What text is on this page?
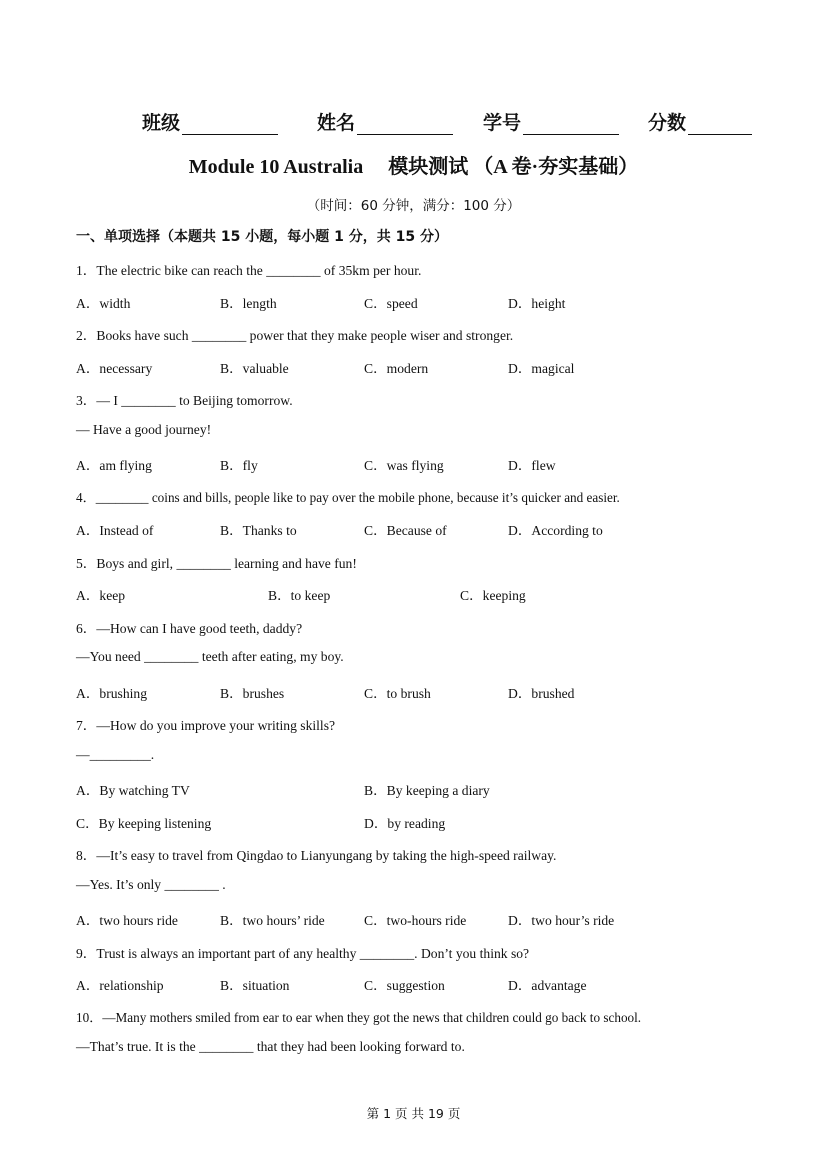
班级	姓名	学号	分数
Module 10 Australia　 模块测试 （A 卷·夯实基础）
（时间：60 分钟，满分：100 分）
一、单项选择（本题共 15 小题，每小题 1 分，共 15 分）
1．The electric bike can reach the ________ of 35km per hour.
A．width	B．length	C．speed	D．height
2．Books have such ________ power that they make people wiser and stronger.
A．necessary	B．valuable	C．modern	D．magical
3．— I ________ to Beijing tomorrow.
— Have a good journey!
A．am flying	B．fly	C．was flying	D．flew
4．________ coins and bills, people like to pay over the mobile phone, because it’s quicker and easier.
A．Instead of	B．Thanks to	C．Because of	D．According to
5．Boys and girl, ________ learning and have fun!
A．keep	B．to keep	C．keeping
6．—How can I have good teeth, daddy?
—You need ________ teeth after eating, my boy.
A．brushing	B．brushes	C．to brush	D．brushed
7．—How do you improve your writing skills?
—_________.
A．By watching TV	B．By keeping a diary
C．By keeping listening	D．by reading
8．—It’s easy to travel from Qingdao to Lianyungang by taking the high-speed railway.
—Yes. It’s only ________ .
A．two hours ride	B．two hours’ ride	C．two-hours ride	D．two hour’s ride
9．Trust is always an important part of any healthy ________. Don’t you think so?
A．relationship	B．situation	C．suggestion	D．advantage
10．—Many mothers smiled from ear to ear when they got the news that children could go back to school.
—That’s true. It is the ________ that they had been looking forward to.
第 1 页 共 19 页
